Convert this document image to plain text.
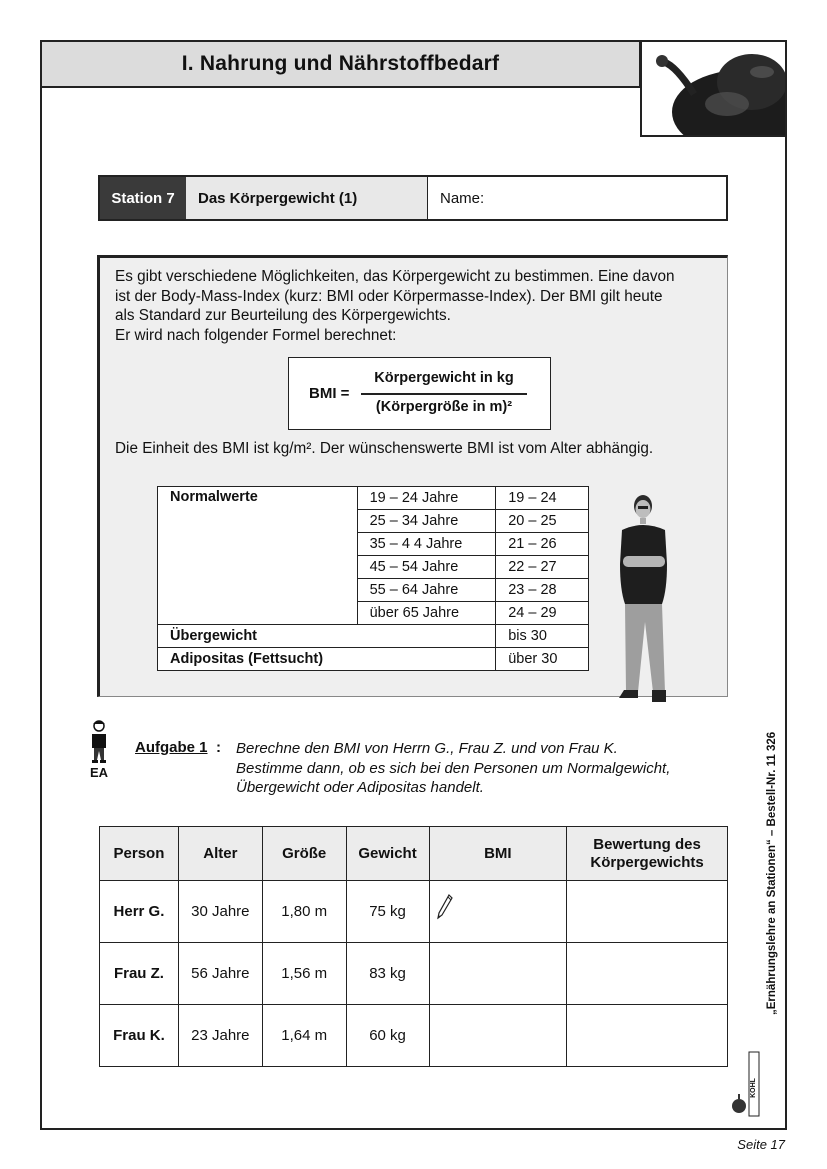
I. Nahrung und Nährstoffbedarf
Station 7	Das Körpergewicht (1)	Name:
Es gibt verschiedene Möglichkeiten, das Körpergewicht zu bestimmen. Eine davon
ist der Body-Mass-Index (kurz: BMI oder Körpermasse-Index). Der BMI gilt heute
als Standard zur Beurteilung des Körpergewichts.
Er wird nach folgender Formel berechnet:
BMI =
Körpergewicht in kg
(Körpergröße in m)²
Die Einheit des BMI ist kg/m². Der wünschenswerte BMI ist vom Alter abhängig.
Normalwerte	19 – 24 Jahre	19 – 24
	25 – 34 Jahre	20 – 25
	35 – 4 4 Jahre	21 – 26
	45 – 54 Jahre	22 – 27
	55 – 64 Jahre	23 – 28
	über 65 Jahre	24 – 29
Übergewicht		bis 30
Adipositas (Fettsucht)		über 30
EA
Aufgabe 1 : Berechne den BMI von Herrn G., Frau Z. und von Frau K.
Bestimme dann, ob es sich bei den Personen um Normalgewicht,
Übergewicht oder Adipositas handelt.
Person	Alter	Größe	Gewicht	BMI	Bewertung des Körpergewichts
Herr G.	30 Jahre	1,80 m	75 kg	

Frau Z.	56 Jahre	1,56 m	83 kg		
Frau K.	23 Jahre	1,64 m	60 kg		
„Ernährungslehre an Stationen“ – Bestell-Nr. 11 326
KOHL
Seite 17
